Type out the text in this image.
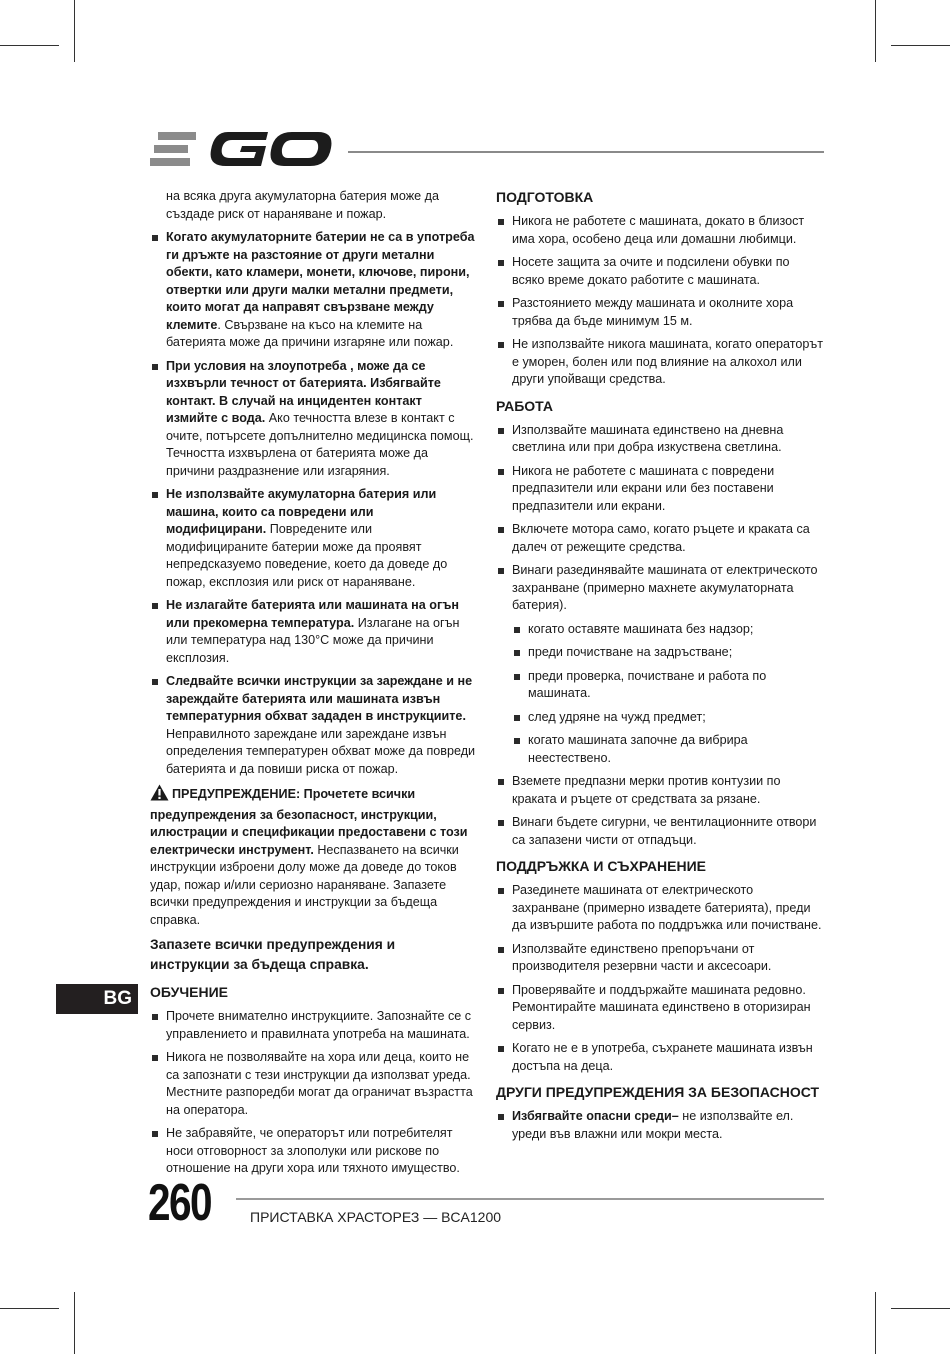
на всяка друга акумулаторна батерия може да създаде риск от нараняване и пожар.

Когато акумулаторните батерии не са в употреба ги дръжте на разстояние от други метални обекти, като кламери, монети, ключове, пирони, отвертки или други малки метални предмети, които могат да направят свързване между клемите. Свързване на късо на клемите на батерията може да причини изгаряне или пожар.
При условия на злоупотреба , може да се изхвърли течност от батерията. Избягвайте контакт. В случай на инцидентен контакт измийте с вода. Ако течността влезе в контакт с очите, потърсете допълнително медицинска помощ. Течността изхвърлена от батерията може да причини раздразнение или изгаряния.
Не използвайте акумулаторна батерия или машина, които са повредени или модифицирани. Повредените или модифицираните батерии може да проявят непредсказуемо поведение, което да доведе до пожар, експлозия или риск от нараняване.
Не излагайте батерията или машината на огън или прекомерна температура. Излагане на огън или температура над 130°C може да причини експлозия.
Следвайте всички инструкции за зареждане и не зареждайте батерията или машината извън температурния обхват зададен в инструкциите. Неправилното зареждане или зареждане извън определения температурен обхват може да повреди батерията и да повиши риска от пожар.

ПРЕДУПРЕЖДЕНИЕ: Прочетете всички предупреждения за безопасност, инструкции, илюстрации и спецификации предоставени с този електрически инструмент. Неспазването на всички инструкции изброени долу може да доведе до токов удар, пожар и/или сериозно нараняване. Запазете всички предупреждения и инструкции за бъдеща справка.

Запазете всички предупреждения и инструкции за бъдеща справка.

ОБУЧЕНИЕ
Прочете внимателно инструкциите. Запознайте се с управлението и правилната употреба на машината.
Никога не позволявайте на хора или деца, които не са запознати с тези инструкции да използват уреда. Местните разпоредби могат да ограничат възрастта на оператора.
Не забравяйте, че операторът или потребителят носи отговорност за злополуки или рискове по отношение на други хора или тяхното имущество.
ПОДГОТОВКА
Никога не работете с машината, докато в близост има хора, особено деца или домашни любимци.
Носете защита за очите и подсилени обувки по всяко време докато работите с машината.
Разстоянието между машината и околните хора трябва да бъде минимум 15 м.
Не използвайте никога машината, когато операторът е уморен, болен или под влияние на алкохол или други упойващи средства.
РАБОТА
Използвайте машината единствено на дневна светлина или при добра изкуствена светлина.
Никога не работете с машината с повредени предпазители или екрани или без поставени предпазители или екрани.
Включете мотора само, когато ръцете и краката са далеч от режещите средства.
Винаги разединявайте машината от електрическото захранване (примерно махнете акумулаторната батерия).
когато оставяте машината без надзор;
преди почистване на задръстване;
преди проверка, почистване и работа по машината.
след удряне на чужд предмет;
когато машината започне да вибрира неестествено.
Вземете предпазни мерки против контузии по краката и ръцете от средствата за рязане.
Винаги бъдете сигурни, че вентилационните отвори са запазени чисти от отпадъци.
ПОДДРЪЖКА И СЪХРАНЕНИЕ
Разединете машината от електрическото захранване (примерно извадете батерията), преди да извършите работа по поддръжка или почистване.
Използвайте единствено препоръчани от производителя резервни части и аксесоари.
Проверявайте и поддържайте машината редовно. Ремонтирайте машината единствено в оторизиран сервиз.
Когато не е в употреба, съхранете машината извън достъпа на деца.
ДРУГИ ПРЕДУПРЕЖДЕНИЯ ЗА БЕЗОПАСНОСТ
Избягвайте опасни среди– не използвайте ел. уреди във влажни или мокри места.
BG
260	ПРИСТАВКА ХРАСТОРЕЗ — BCA1200
